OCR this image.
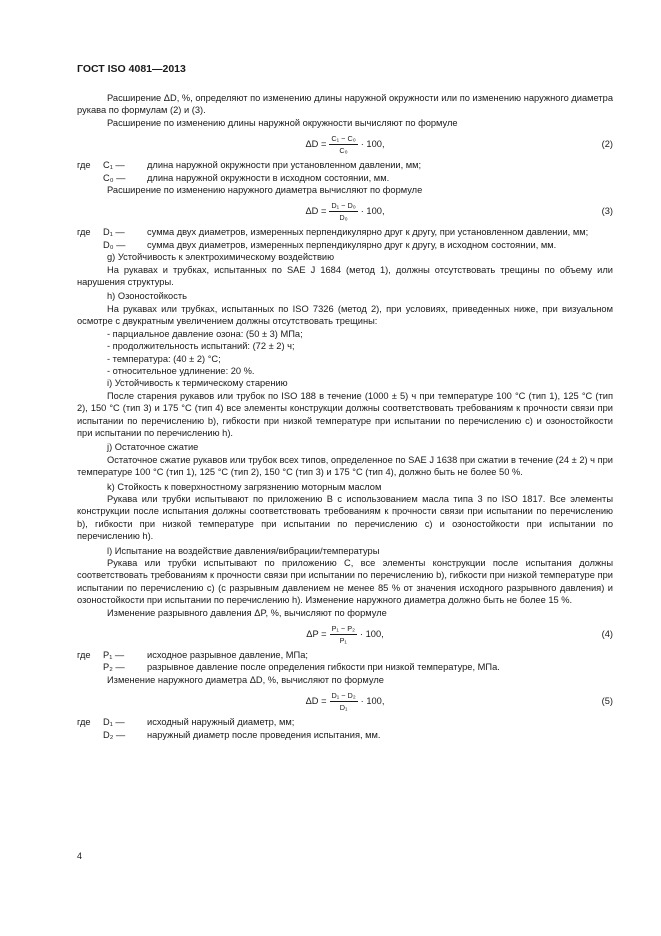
ГОСТ ISO 4081—2013

Расширение ΔD, %, определяют по изменению длины наружной окружности или по изменению наружного диаметра рукава по формулам (2) и (3).

Расширение по изменению длины наружной окружности вычисляют по формуле

$\Delta D = \frac{\text{C₁ − C₀}}{\text{C₀}} \cdot 100$,	(2)
где	C₁ —	длина наружной окружности при установленном давлении, мм;
	C₀ —	длина наружной окружности в исходном состоянии, мм.

Расширение по изменению наружного диаметра вычисляют по формуле

$\Delta D = \frac{\text{D₁ − D₀}}{\text{D₀}} \cdot 100$,	(3)
где	D₁ —	сумма двух диаметров, измеренных перпендикулярно друг к другу, при установленном давлении, мм;
	D₀ —	сумма двух диаметров, измеренных перпендикулярно друг к другу, в исходном состоянии, мм.

g) Устойчивость к электрохимическому воздействию

На рукавах и трубках, испытанных по SAE J 1684 (метод 1), должны отсутствовать трещины по объему или нарушения структуры.

h) Озоностойкость

На рукавах или трубках, испытанных по ISO 7326 (метод 2), при условиях, приведенных ниже, при визуальном осмотре с двукратным увеличением должны отсутствовать трещины:

- парциальное давление озона: (50 ± 3) МПа;
- продолжительность испытаний: (72 ± 2) ч;
- температура: (40 ± 2) °С;
- относительное удлинение: 20 %.

i) Устойчивость к термическому старению

После старения рукавов или трубок по ISO 188 в течение (1000 ± 5) ч при температуре 100 °С (тип 1), 125 °С (тип 2), 150 °С (тип 3) и 175 °С (тип 4) все элементы конструкции должны соответствовать требованиям к прочности связи при испытании по перечислению b), гибкости при низкой температуре при испытании по перечислению с) и озоностойкости при испытании по перечислению h).

j) Остаточное сжатие

Остаточное сжатие рукавов или трубок всех типов, определенное по SAE J 1638 при сжатии в течение (24 ± 2) ч при температуре 100 °С (тип 1), 125 °С (тип 2), 150 °С (тип 3) и 175 °С (тип 4), должно быть не более 50 %.

k) Стойкость к поверхностному загрязнению моторным маслом

Рукава или трубки испытывают по приложению В с использованием масла типа 3 по ISO 1817. Все элементы конструкции после испытания должны соответствовать требованиям к прочности связи при испытании по перечислению b), гибкости при низкой температуре при испытании по перечислению с) и озоностойкости при испытании по перечислению h).

l) Испытание на воздействие давления/вибрации/температуры

Рукава или трубки испытывают по приложению С, все элементы конструкции после испытания должны соответствовать требованиям к прочности связи при испытании по перечислению b), гибкости при низкой температуре при испытании по перечислению с) (с разрывным давлением не менее 85 % от значения исходного разрывного давления) и озоностойкости при испытании по перечислению h). Изменение наружного диаметра должно быть не более 15 %.

Изменение разрывного давления ΔP, %, вычисляют по формуле

$\Delta P = \frac{\text{P₁ − P₂}}{\text{P₁}} \cdot 100$,	(4)
где	P₁ —	исходное разрывное давление, МПа;
	P₂ —	разрывное давление после определения гибкости при низкой температуре, МПа.

Изменение наружного диаметра ΔD, %, вычисляют по формуле

$\Delta D = \frac{\text{D₁ − D₂}}{\text{D₁}} \cdot 100$,	(5)
где	D₁ —	исходный наружный диаметр, мм;
	D₂ —	наружный диаметр после проведения испытания, мм.
4
